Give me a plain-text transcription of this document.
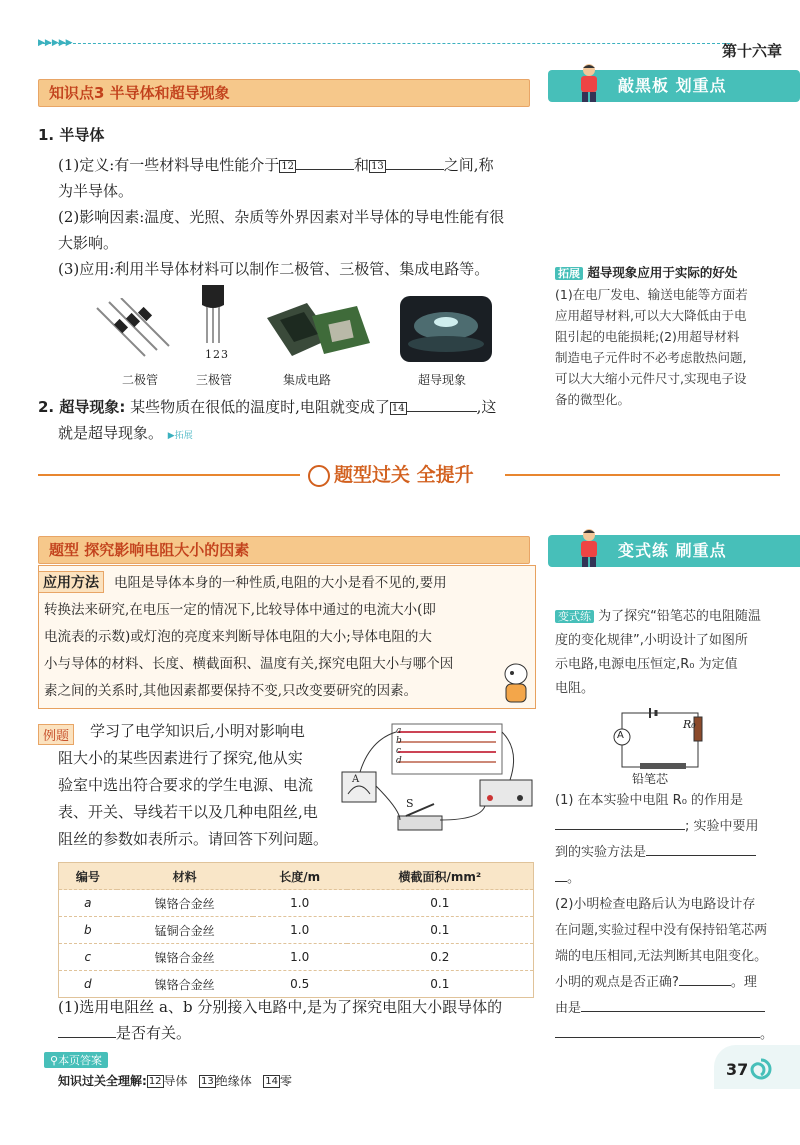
▶▶▶▶▶	第十六章
知识点3 半导体和超导现象	敲黑板 划重点
1. 半导体

(1)定义:有一些材料导电性能介于 12	和 13	之间,称

为半导体。

(2)影响因素:温度、光照、杂质等外界因素对半导体的导电性能有很

大影响。

(3)应用:利用半导体材料可以制作二极管、三极管、集成电路等。

123
二极管	三极管	集成电路	超导现象

2. 超导现象: 某些物质在很低的温度时,电阻就变成了 14	,这

就是超导现象。 ▶拓展

拓展 超导现象应用于实际的好处
(1)在电厂发电、输送电能等方面若
应用超导材料,可以大大降低由于电
阻引起的电能损耗;(2)用超导材料
制造电子元件时不必考虑散热问题,
可以大大缩小元件尺寸,实现电子设
备的微型化。
题型过关 全提升
题型 探究影响电阻大小的因素	变式练 刷重点
应用方法	电阻是导体本身的一种性质,电阻的大小是看不见的,要用
转换法来研究,在电压一定的情况下,比较导体中通过的电流大小(即
电流表的示数)或灯泡的亮度来判断导体电阻的大小;导体电阻的大
小与导体的材料、长度、横截面积、温度有关,探究电阻大小与哪个因
素之间的关系时,其他因素都要保持不变,只改变要研究的因素。
例题	学习了电学知识后,小明对影响电
阻大小的某些因素进行了探究,他从实
验室中选出符合要求的学生电源、电流
表、开关、导线若干以及几种电阻丝,电
阻丝的参数如表所示。请回答下列问题。
a
b
c
d
A
S
编号	材料	长度/m	横截面积/mm²
a	镍铬合金丝	1.0	0.1
b	锰铜合金丝	1.0	0.1
c	镍铬合金丝	1.0	0.2
d	镍铬合金丝	0.5	0.1

(1)选用电阻丝 a、b 分别接入电路中,是为了探究电阻大小跟导体的

是否有关。

变式练 为了探究“铅笔芯的电阻随温
度的变化规律”,小明设计了如图所
示电路,电源电压恒定,R₀ 为定值
电阻。
A
R₀
铅笔芯
(1) 在本实验中电阻 R₀ 的作用是
; 实验中要用
到的实验方法是
。
(2)小明检查电路后认为电路设计存
在问题,实验过程中没有保持铅笔芯两
端的电压相同,无法判断其电阻变化。
小明的观点是否正确?	。理
由是
。
⚲本页答案
知识过关全理解: 12 导体 13 绝缘体 14 零
37
